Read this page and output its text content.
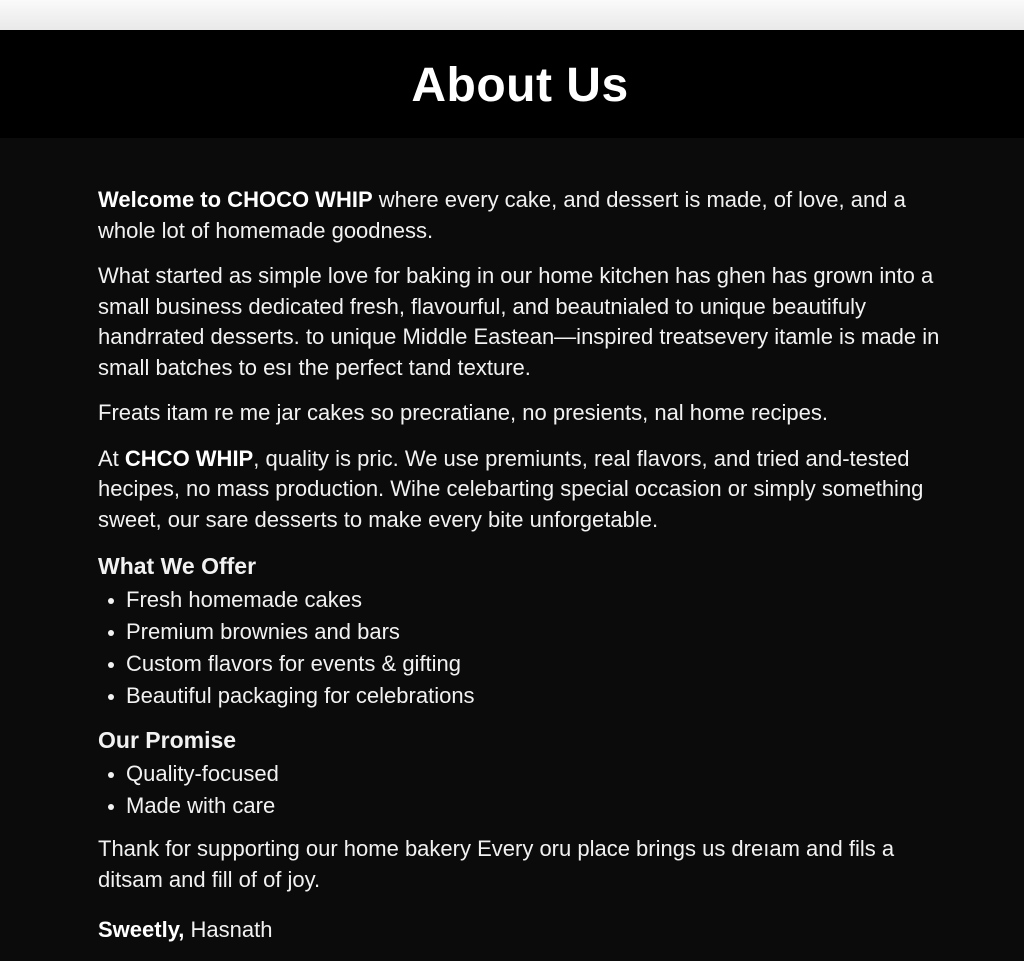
About Us

Welcome to CHOCO WHIP where every cake, and dessert is made, of love, and a whole lot of homemade goodness.

What started as simple love for baking in our home kitchen has ghen has grown into a small business dedicated fresh, flavourful, and beautnialed to unique beautifuly handrrated desserts. to unique Middle Eastean—inspired treatsevery itamle is made in small batches to esı the perfect tand texture.

Freats itam re me jar cakes so precratiane, no presients, nal home recipes.

At CHCO WHIP, quality is pric. We use premiunts, real flavors, and tried and-tested hecipes, no mass production. Wihe celebarting special occasion or simply something sweet, our sare desserts to make every bite unforgetable.

What We Offer
Fresh homemade cakes
Premium brownies and bars
Custom flavors for events & gifting
Beautiful packaging for celebrations
Our Promise
Quality-focused
Made with care

Thank for supporting our home bakery Every oru place brings us dreıam and fils a ditsam and fill of of joy.

Sweetly, Hasnath
